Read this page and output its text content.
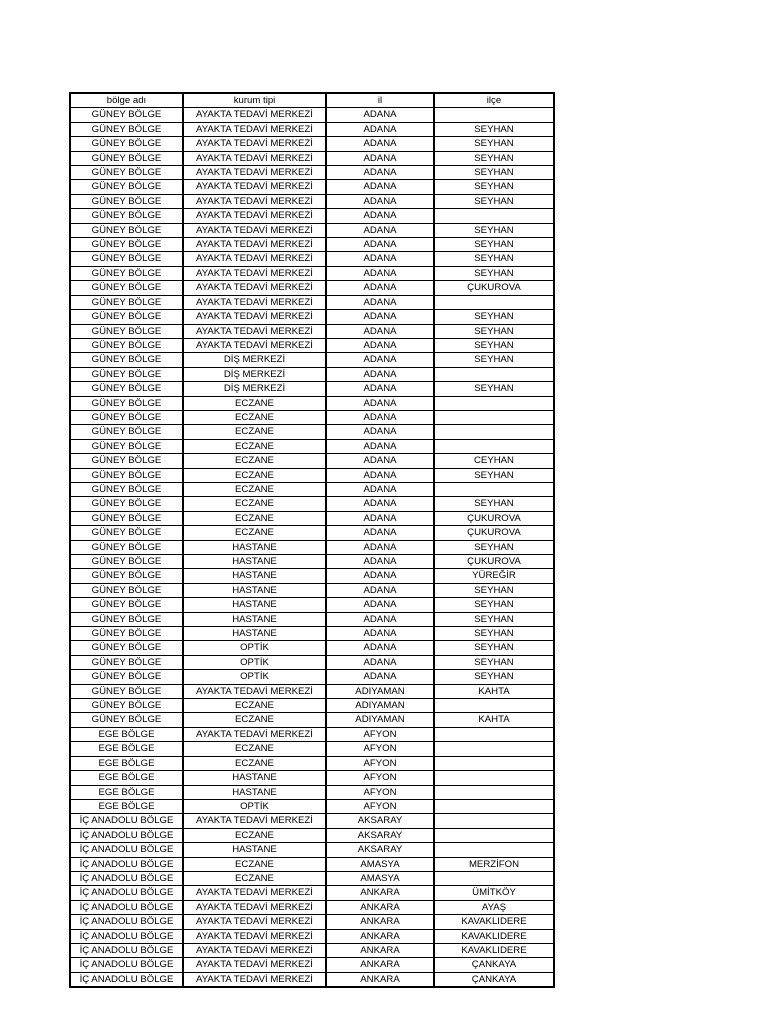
bölge adı	kurum tipi	il	ilçe
GÜNEY BÖLGE	AYAKTA TEDAVİ MERKEZİ	ADANA	
GÜNEY BÖLGE	AYAKTA TEDAVİ MERKEZİ	ADANA	SEYHAN
GÜNEY BÖLGE	AYAKTA TEDAVİ MERKEZİ	ADANA	SEYHAN
GÜNEY BÖLGE	AYAKTA TEDAVİ MERKEZİ	ADANA	SEYHAN
GÜNEY BÖLGE	AYAKTA TEDAVİ MERKEZİ	ADANA	SEYHAN
GÜNEY BÖLGE	AYAKTA TEDAVİ MERKEZİ	ADANA	SEYHAN
GÜNEY BÖLGE	AYAKTA TEDAVİ MERKEZİ	ADANA	SEYHAN
GÜNEY BÖLGE	AYAKTA TEDAVİ MERKEZİ	ADANA	
GÜNEY BÖLGE	AYAKTA TEDAVİ MERKEZİ	ADANA	SEYHAN
GÜNEY BÖLGE	AYAKTA TEDAVİ MERKEZİ	ADANA	SEYHAN
GÜNEY BÖLGE	AYAKTA TEDAVİ MERKEZİ	ADANA	SEYHAN
GÜNEY BÖLGE	AYAKTA TEDAVİ MERKEZİ	ADANA	SEYHAN
GÜNEY BÖLGE	AYAKTA TEDAVİ MERKEZİ	ADANA	ÇUKUROVA
GÜNEY BÖLGE	AYAKTA TEDAVİ MERKEZİ	ADANA	
GÜNEY BÖLGE	AYAKTA TEDAVİ MERKEZİ	ADANA	SEYHAN
GÜNEY BÖLGE	AYAKTA TEDAVİ MERKEZİ	ADANA	SEYHAN
GÜNEY BÖLGE	AYAKTA TEDAVİ MERKEZİ	ADANA	SEYHAN
GÜNEY BÖLGE	DİŞ MERKEZİ	ADANA	SEYHAN
GÜNEY BÖLGE	DİŞ MERKEZİ	ADANA	
GÜNEY BÖLGE	DİŞ MERKEZİ	ADANA	SEYHAN
GÜNEY BÖLGE	ECZANE	ADANA	
GÜNEY BÖLGE	ECZANE	ADANA	
GÜNEY BÖLGE	ECZANE	ADANA	
GÜNEY BÖLGE	ECZANE	ADANA	
GÜNEY BÖLGE	ECZANE	ADANA	CEYHAN
GÜNEY BÖLGE	ECZANE	ADANA	SEYHAN
GÜNEY BÖLGE	ECZANE	ADANA	
GÜNEY BÖLGE	ECZANE	ADANA	SEYHAN
GÜNEY BÖLGE	ECZANE	ADANA	ÇUKUROVA
GÜNEY BÖLGE	ECZANE	ADANA	ÇUKUROVA
GÜNEY BÖLGE	HASTANE	ADANA	SEYHAN
GÜNEY BÖLGE	HASTANE	ADANA	ÇUKUROVA
GÜNEY BÖLGE	HASTANE	ADANA	YÜREĞİR
GÜNEY BÖLGE	HASTANE	ADANA	SEYHAN
GÜNEY BÖLGE	HASTANE	ADANA	SEYHAN
GÜNEY BÖLGE	HASTANE	ADANA	SEYHAN
GÜNEY BÖLGE	HASTANE	ADANA	SEYHAN
GÜNEY BÖLGE	OPTİK	ADANA	SEYHAN
GÜNEY BÖLGE	OPTİK	ADANA	SEYHAN
GÜNEY BÖLGE	OPTİK	ADANA	SEYHAN
GÜNEY BÖLGE	AYAKTA TEDAVİ MERKEZİ	ADIYAMAN	KAHTA
GÜNEY BÖLGE	ECZANE	ADIYAMAN	
GÜNEY BÖLGE	ECZANE	ADIYAMAN	KAHTA
EGE BÖLGE	AYAKTA TEDAVİ MERKEZİ	AFYON	
EGE BÖLGE	ECZANE	AFYON	
EGE BÖLGE	ECZANE	AFYON	
EGE BÖLGE	HASTANE	AFYON	
EGE BÖLGE	HASTANE	AFYON	
EGE BÖLGE	OPTİK	AFYON	
İÇ ANADOLU BÖLGE	AYAKTA TEDAVİ MERKEZİ	AKSARAY	
İÇ ANADOLU BÖLGE	ECZANE	AKSARAY	
İÇ ANADOLU BÖLGE	HASTANE	AKSARAY	
İÇ ANADOLU BÖLGE	ECZANE	AMASYA	MERZİFON
İÇ ANADOLU BÖLGE	ECZANE	AMASYA	
İÇ ANADOLU BÖLGE	AYAKTA TEDAVİ MERKEZİ	ANKARA	ÜMİTKÖY
İÇ ANADOLU BÖLGE	AYAKTA TEDAVİ MERKEZİ	ANKARA	AYAŞ
İÇ ANADOLU BÖLGE	AYAKTA TEDAVİ MERKEZİ	ANKARA	KAVAKLIDERE
İÇ ANADOLU BÖLGE	AYAKTA TEDAVİ MERKEZİ	ANKARA	KAVAKLIDERE
İÇ ANADOLU BÖLGE	AYAKTA TEDAVİ MERKEZİ	ANKARA	KAVAKLIDERE
İÇ ANADOLU BÖLGE	AYAKTA TEDAVİ MERKEZİ	ANKARA	ÇANKAYA
İÇ ANADOLU BÖLGE	AYAKTA TEDAVİ MERKEZİ	ANKARA	ÇANKAYA
